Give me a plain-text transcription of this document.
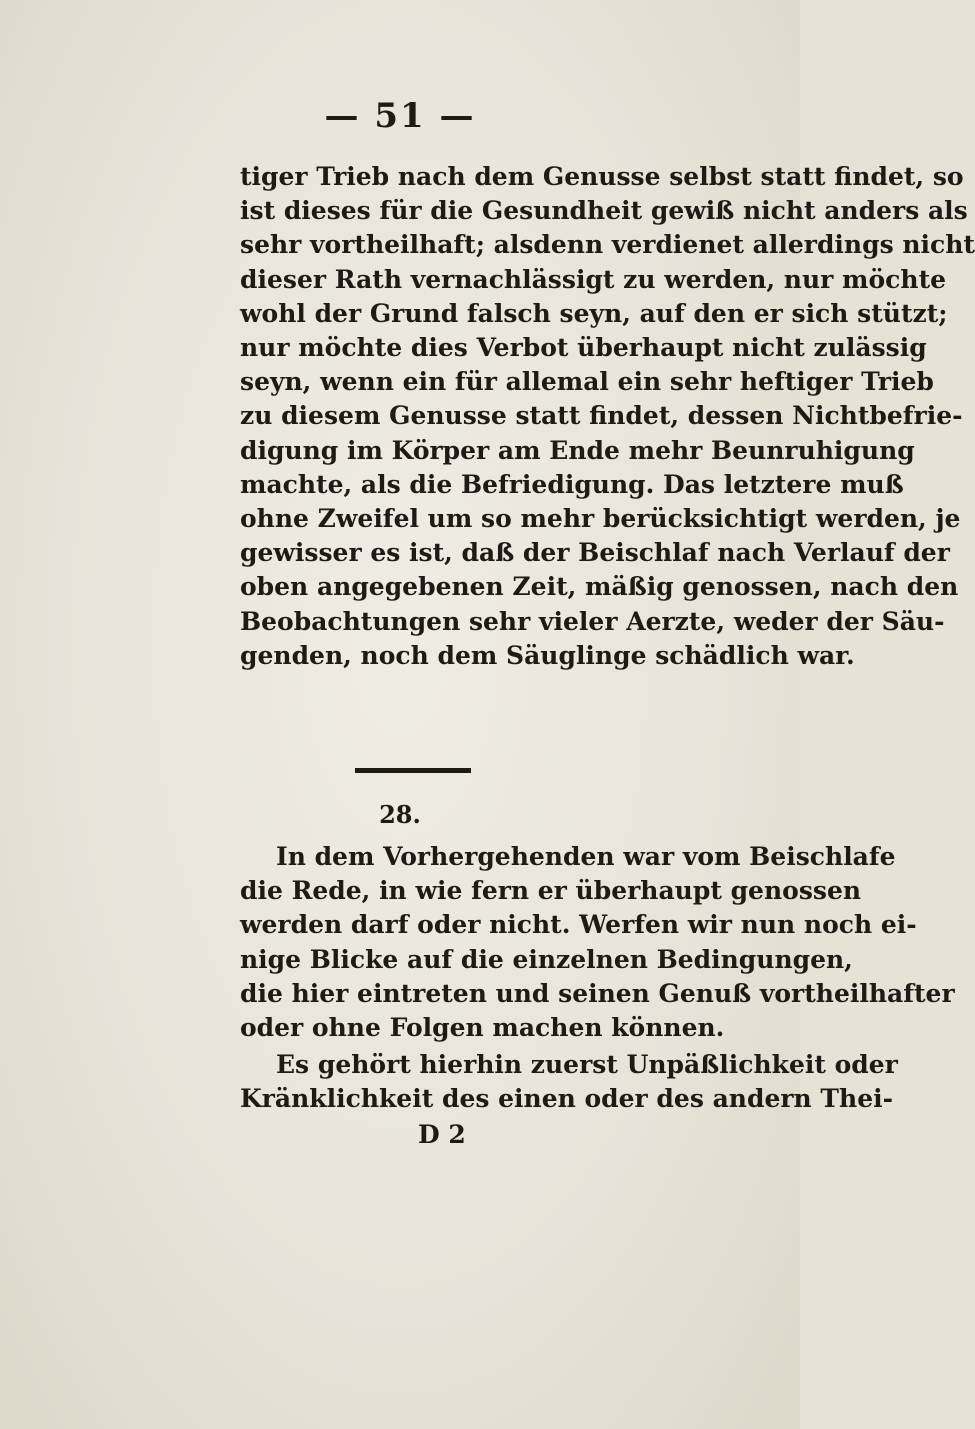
— 51 —
tiger Trieb nach dem Genusse selbst statt findet, so
ist dieses für die Gesundheit gewiß nicht anders als
sehr vortheilhaft; alsdenn verdienet allerdings nicht
dieser Rath vernachlässigt zu werden, nur möchte
wohl der Grund falsch seyn, auf den er sich stützt;
nur möchte dies Verbot überhaupt nicht zulässig
seyn, wenn ein für allemal ein sehr heftiger Trieb
zu diesem Genusse statt findet, dessen Nichtbefrie-
digung im Körper am Ende mehr Beunruhigung
machte, als die Befriedigung. Das letztere muß
ohne Zweifel um so mehr berücksichtigt werden, je
gewisser es ist, daß der Beischlaf nach Verlauf der
oben angegebenen Zeit, mäßig genossen, nach den
Beobachtungen sehr vieler Aerzte, weder der Säu-
genden, noch dem Säuglinge schädlich war.
28.
In dem Vorhergehenden war vom Beischlafe
die Rede, in wie fern er überhaupt genossen
werden darf oder nicht. Werfen wir nun noch ei-
nige Blicke auf die einzelnen Bedingungen,
die hier eintreten und seinen Genuß vortheilhafter
oder ohne Folgen machen können.
Es gehört hierhin zuerst Unpäßlichkeit oder
Kränklichkeit des einen oder des andern Thei-
D 2
